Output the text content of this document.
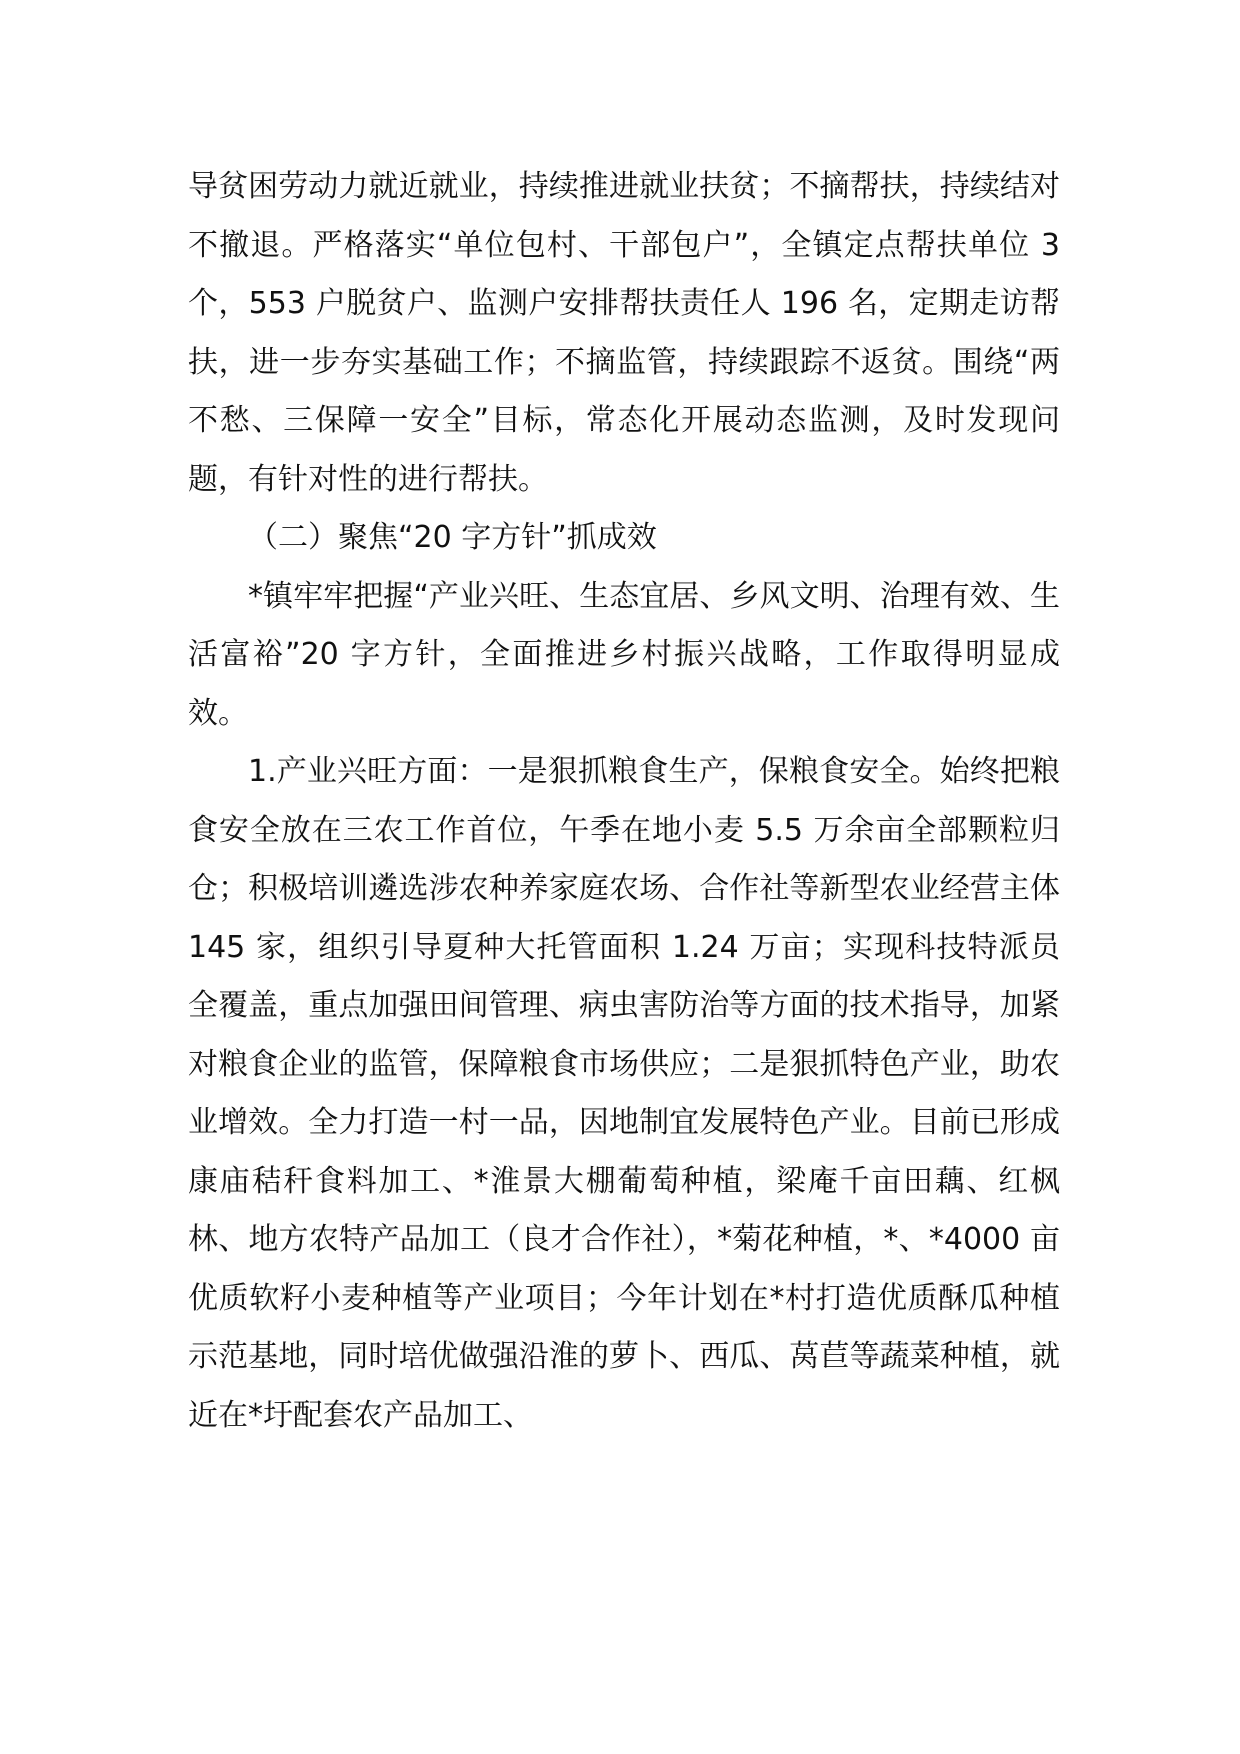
导贫困劳动力就近就业，持续推进就业扶贫；不摘帮扶，持续结对不撤退。严格落实“单位包村、干部包户”，全镇定点帮扶单位 3 个，553 户脱贫户、监测户安排帮扶责任人 196 名，定期走访帮扶，进一步夯实基础工作；不摘监管，持续跟踪不返贫。围绕“两不愁、三保障一安全”目标，常态化开展动态监测，及时发现问题，有针对性的进行帮扶。

（二）聚焦“20 字方针”抓成效

*镇牢牢把握“产业兴旺、生态宜居、乡风文明、治理有效、生活富裕”20 字方针，全面推进乡村振兴战略，工作取得明显成效。

1.产业兴旺方面：一是狠抓粮食生产，保粮食安全。始终把粮食安全放在三农工作首位，午季在地小麦 5.5 万余亩全部颗粒归仓；积极培训遴选涉农种养家庭农场、合作社等新型农业经营主体 145 家，组织引导夏种大托管面积 1.24 万亩；实现科技特派员全覆盖，重点加强田间管理、病虫害防治等方面的技术指导，加紧对粮食企业的监管，保障粮食市场供应；二是狠抓特色产业，助农业增效。全力打造一村一品，因地制宜发展特色产业。目前已形成康庙秸秆食料加工、*淮景大棚葡萄种植，梁庵千亩田藕、红枫林、地方农特产品加工（良才合作社），*菊花种植，*、*4000 亩优质软籽小麦种植等产业项目；今年计划在*村打造优质酥瓜种植示范基地，同时培优做强沿淮的萝卜、西瓜、莴苣等蔬菜种植，就近在*圩配套农产品加工、
